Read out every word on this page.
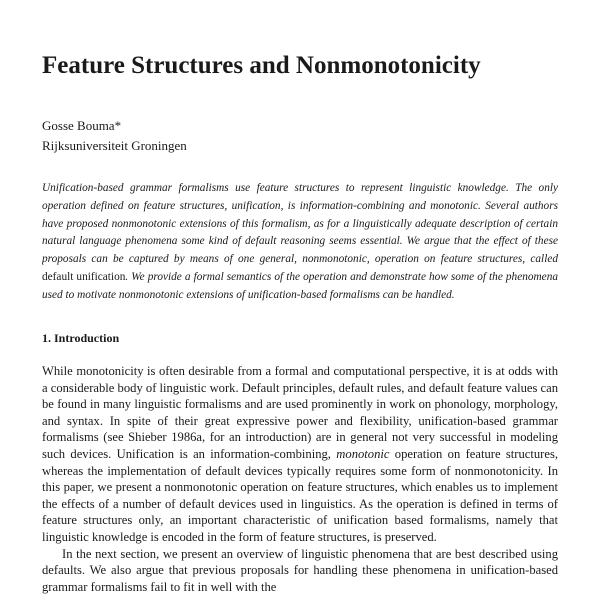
Feature Structures and Nonmonotonicity
Gosse Bouma*
Rijksuniversiteit Groningen

Unification-based grammar formalisms use feature structures to represent linguistic knowledge. The only operation defined on feature structures, unification, is information-combining and monotonic. Several authors have proposed nonmonotonic extensions of this formalism, as for a linguistically adequate description of certain natural language phenomena some kind of default reasoning seems essential. We argue that the effect of these proposals can be captured by means of one general, nonmonotonic, operation on feature structures, called default unification. We provide a formal semantics of the operation and demonstrate how some of the phenomena used to motivate nonmonotonic extensions of unification-based formalisms can be handled.

1. Introduction

While monotonicity is often desirable from a formal and computational perspective, it is at odds with a considerable body of linguistic work. Default principles, default rules, and default feature values can be found in many linguistic formalisms and are used prominently in work on phonology, morphology, and syntax. In spite of their great expressive power and flexibility, unification-based grammar formalisms (see Shieber 1986a, for an introduction) are in general not very successful in modeling such devices. Unification is an information-combining, monotonic operation on feature structures, whereas the implementation of default devices typically requires some form of nonmonotonicity. In this paper, we present a nonmonotonic operation on feature structures, which enables us to implement the effects of a number of default devices used in linguistics. As the operation is defined in terms of feature structures only, an important characteristic of unification based formalisms, namely that linguistic knowledge is encoded in the form of feature structures, is preserved.

In the next section, we present an overview of linguistic phenomena that are best described using defaults. We also argue that previous proposals for handling these phenomena in unification-based grammar formalisms fail to fit in well with the
